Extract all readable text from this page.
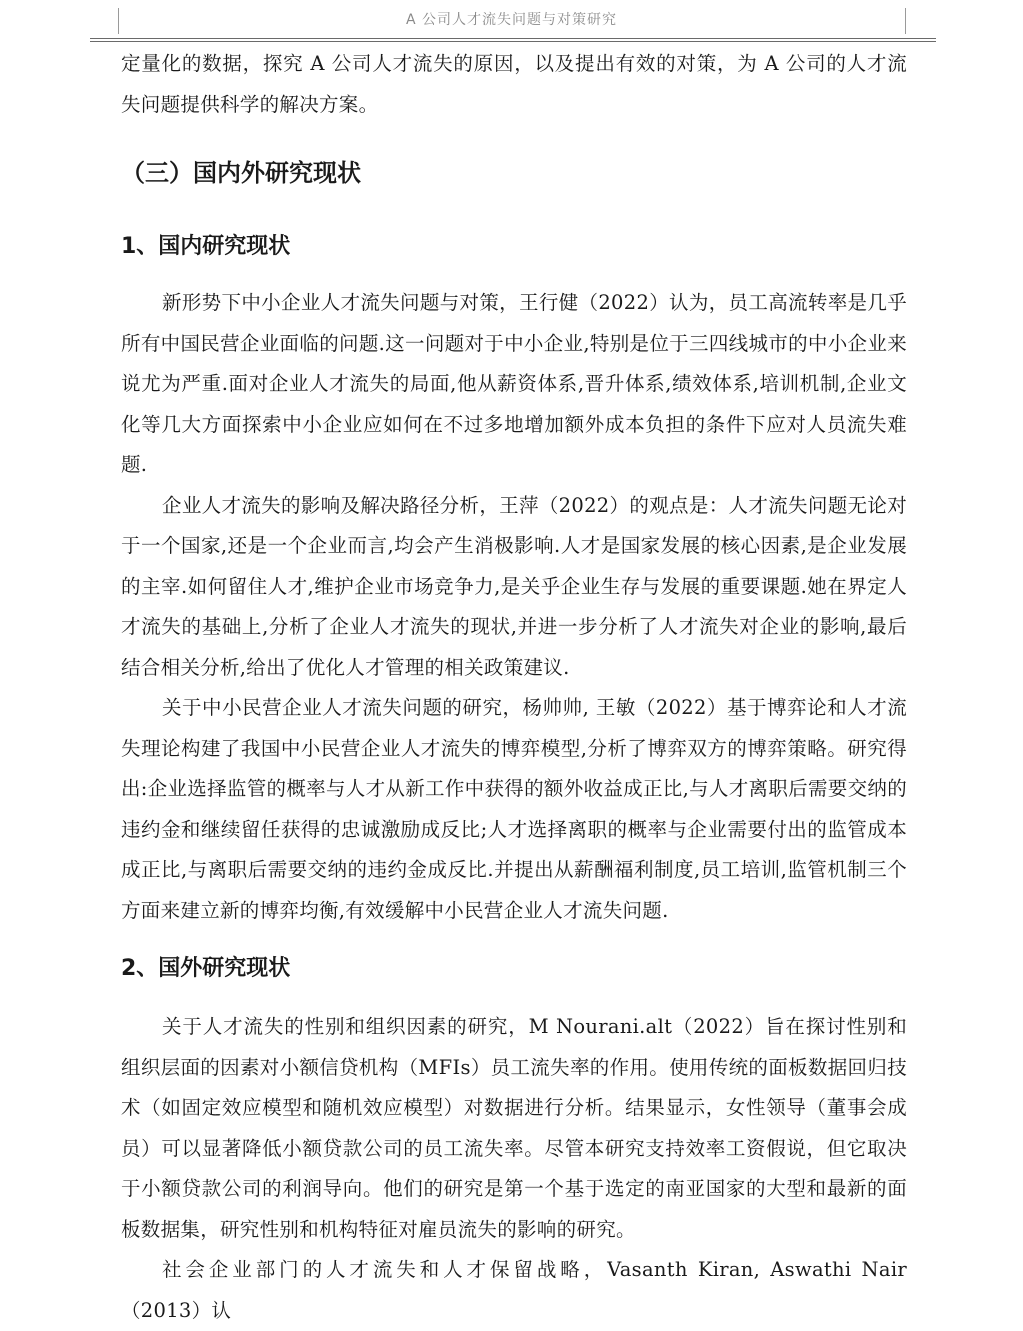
A 公司人才流失问题与对策研究

定量化的数据，探究 A 公司人才流失的原因，以及提出有效的对策，为 A 公司的人才流失问题提供科学的解决方案。

（三）国内外研究现状
1、国内研究现状

新形势下中小企业人才流失问题与对策，王行健（2022）认为，员工高流转率是几乎所有中国民营企业面临的问题.这一问题对于中小企业,特别是位于三四线城市的中小企业来说尤为严重.面对企业人才流失的局面,他从薪资体系,晋升体系,绩效体系,培训机制,企业文化等几大方面探索中小企业应如何在不过多地增加额外成本负担的条件下应对人员流失难题.

企业人才流失的影响及解决路径分析，王萍（2022）的观点是：人才流失问题无论对于一个国家,还是一个企业而言,均会产生消极影响.人才是国家发展的核心因素,是企业发展的主宰.如何留住人才,维护企业市场竞争力,是关乎企业生存与发展的重要课题.她在界定人才流失的基础上,分析了企业人才流失的现状,并进一步分析了人才流失对企业的影响,最后结合相关分析,给出了优化人才管理的相关政策建议.

关于中小民营企业人才流失问题的研究，杨帅帅, 王敏（2022）基于博弈论和人才流失理论构建了我国中小民营企业人才流失的博弈模型,分析了博弈双方的博弈策略。研究得出:企业选择监管的概率与人才从新工作中获得的额外收益成正比,与人才离职后需要交纳的违约金和继续留任获得的忠诚激励成反比;人才选择离职的概率与企业需要付出的监管成本成正比,与离职后需要交纳的违约金成反比.并提出从薪酬福利制度,员工培训,监管机制三个方面来建立新的博弈均衡,有效缓解中小民营企业人才流失问题.

2、国外研究现状

关于人才流失的性别和组织因素的研究，M Nourani.alt（2022）旨在探讨性别和组织层面的因素对小额信贷机构（MFIs）员工流失率的作用。使用传统的面板数据回归技术（如固定效应模型和随机效应模型）对数据进行分析。结果显示，女性领导（董事会成员）可以显著降低小额贷款公司的员工流失率。尽管本研究支持效率工资假说，但它取决于小额贷款公司的利润导向。他们的研究是第一个基于选定的南亚国家的大型和最新的面板数据集，研究性别和机构特征对雇员流失的影响的研究。

社会企业部门的人才流失和人才保留战略，Vasanth Kiran, Aswathi Nair（2013）认
